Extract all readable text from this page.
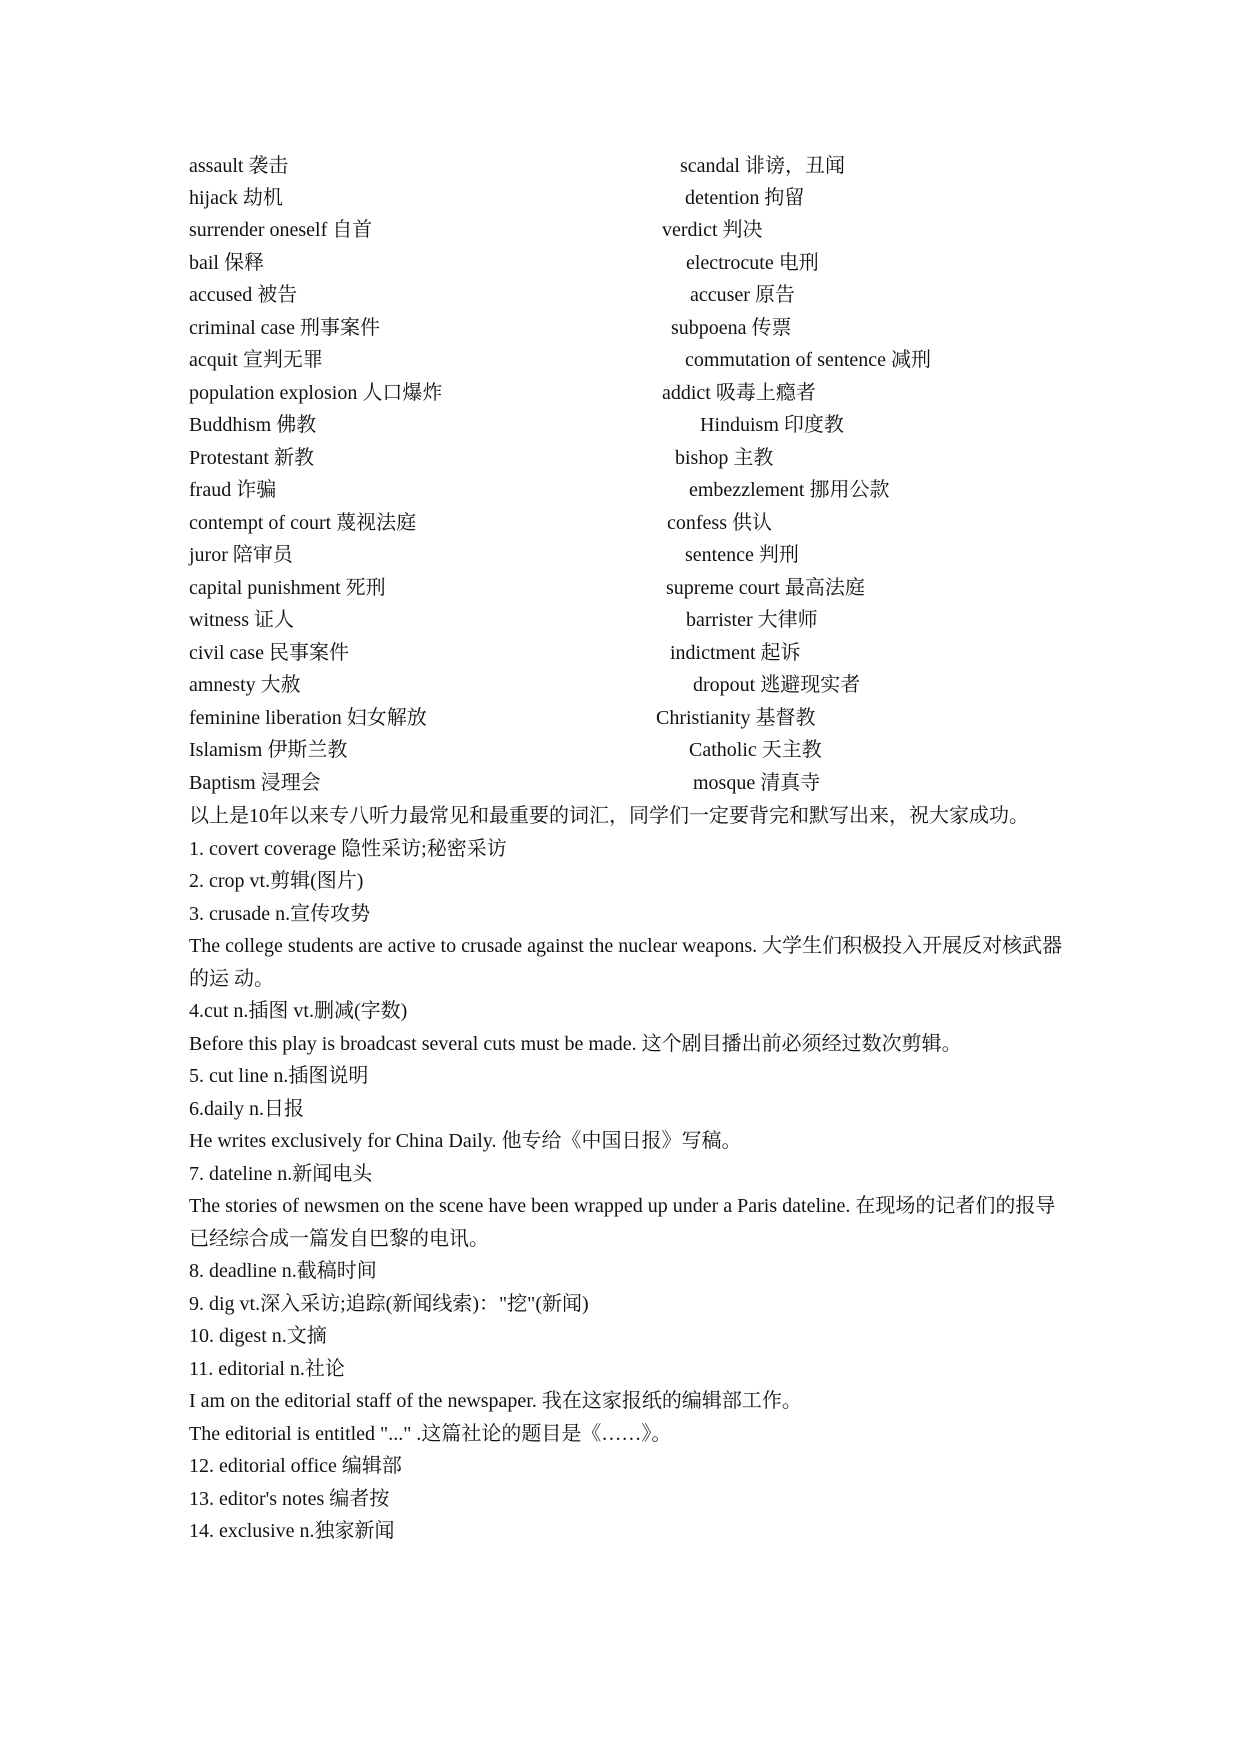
assault 袭击	scandal 诽谤，丑闻
hijack 劫机	detention 拘留
surrender oneself 自首	verdict 判决
bail 保释	electrocute 电刑
accused 被告	accuser 原告
criminal case 刑事案件	subpoena 传票
acquit 宣判无罪	commutation of sentence 减刑
population explosion 人口爆炸	addict 吸毒上瘾者
Buddhism 佛教	Hinduism 印度教
Protestant 新教	bishop 主教
fraud 诈骗	embezzlement 挪用公款
contempt of court 蔑视法庭	confess 供认
juror 陪审员	sentence 判刑
capital punishment 死刑	supreme court 最高法庭
witness 证人	barrister 大律师
civil case 民事案件	indictment 起诉
amnesty 大赦	dropout 逃避现实者
feminine liberation 妇女解放	Christianity 基督教
Islamism 伊斯兰教	Catholic 天主教
Baptism 浸理会	mosque 清真寺
以上是10年以来专八听力最常见和最重要的词汇，同学们一定要背完和默写出来，祝大家成功。
1. covert coverage 隐性采访;秘密采访
2. crop vt.剪辑(图片)
3. crusade n.宣传攻势
The college students are active to crusade against the nuclear weapons. 大学生们积极投入开展反对核武器的运 动。
4.cut n.插图 vt.删减(字数)
Before this play is broadcast several cuts must be made. 这个剧目播出前必须经过数次剪辑。
5. cut line n.插图说明
6.daily n.日报
He writes exclusively for China Daily. 他专给《中国日报》写稿。
7. dateline n.新闻电头
The stories of newsmen on the scene have been wrapped up under a Paris dateline. 在现场的记者们的报导已经综合成一篇发自巴黎的电讯。
8. deadline n.截稿时间
9. dig vt.深入采访;追踪(新闻线索)："挖"(新闻)
10. digest n.文摘
11. editorial n.社论
I am on the editorial staff of the newspaper. 我在这家报纸的编辑部工作。
The editorial is entitled "..." .这篇社论的题目是《……》。
12. editorial office 编辑部
13. editor's notes 编者按
14. exclusive n.独家新闻
